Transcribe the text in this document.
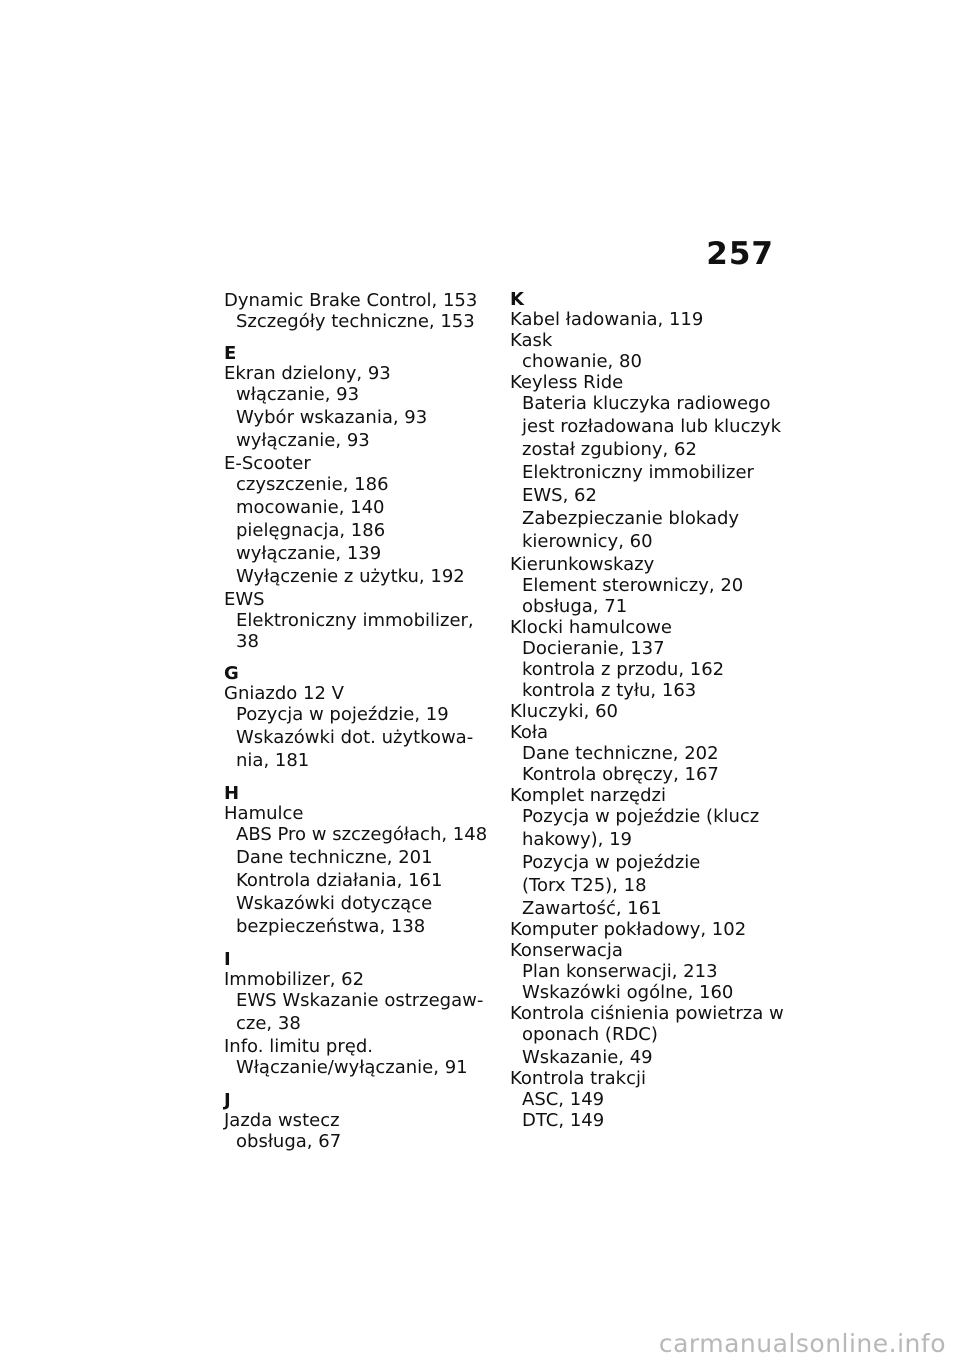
257
Dynamic Brake Control, 153
Szczegóły techniczne, 153
E
Ekran dzielony, 93
włączanie, 93
Wybór wskazania, 93
wyłączanie, 93
E-Scooter
czyszczenie, 186
mocowanie, 140
pielęgnacja, 186
wyłączanie, 139
Wyłączenie z użytku, 192
EWS
Elektroniczny immobilizer, 38
G
Gniazdo 12 V
Pozycja w pojeździe, 19
Wskazówki dot. użytkowa-
nia, 181
H
Hamulce
ABS Pro w szczegółach, 148
Dane techniczne, 201
Kontrola działania, 161
Wskazówki dotyczące
bezpieczeństwa, 138
I
Immobilizer, 62
EWS Wskazanie ostrzegaw-
cze, 38
Info. limitu pręd.
Włączanie/wyłączanie, 91
J
Jazda wstecz
obsługa, 67
K
Kabel ładowania, 119
Kask
chowanie, 80
Keyless Ride
Bateria kluczyka radiowego
jest rozładowana lub kluczyk
został zgubiony, 62
Elektroniczny immobilizer
EWS, 62
Zabezpieczanie blokady
kierownicy, 60
Kierunkowskazy
Element sterowniczy, 20
obsługa, 71
Klocki hamulcowe
Docieranie, 137
kontrola z przodu, 162
kontrola z tyłu, 163
Kluczyki, 60
Koła
Dane techniczne, 202
Kontrola obręczy, 167
Komplet narzędzi
Pozycja w pojeździe (klucz
hakowy), 19
Pozycja w pojeździe
(Torx T25), 18
Zawartość, 161
Komputer pokładowy, 102
Konserwacja
Plan konserwacji, 213
Wskazówki ogólne, 160
Kontrola ciśnienia powietrza w
oponach (RDC)
Wskazanie, 49
Kontrola trakcji
ASC, 149
DTC, 149
carmanualsonline.info
